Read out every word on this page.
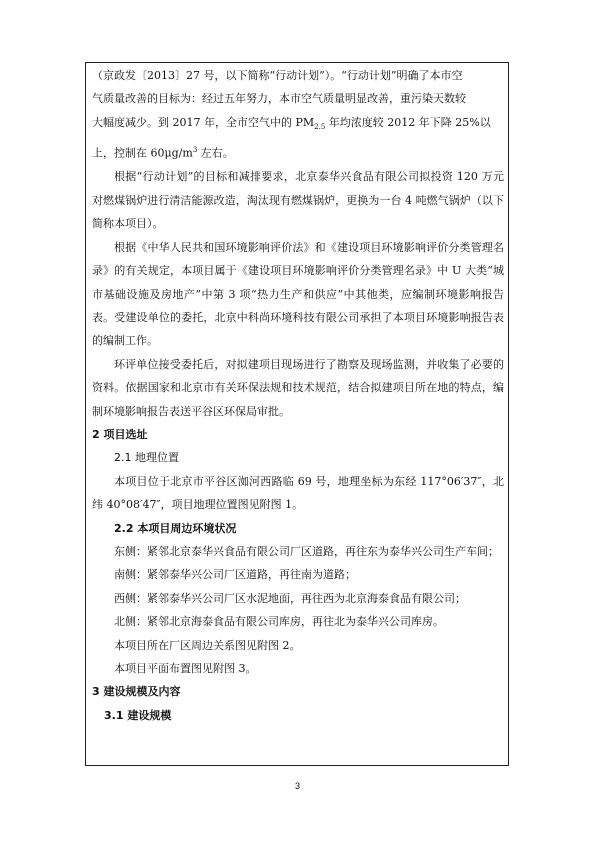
（京政发〔2013〕27 号，以下简称“行动计划”）。“行动计划”明确了本市空
气质量改善的目标为：经过五年努力，本市空气质量明显改善，重污染天数较
大幅度减少。到 2017 年，全市空气中的 $PM_{2.5}$ 年均浓度较 2012 年下降 25%以
上，控制在 $60\mu g/m^3$ 左右。

根据“行动计划”的目标和减排要求，北京泰华兴食品有限公司拟投资 120 万元对燃煤锅炉进行清洁能源改造，淘汰现有燃煤锅炉，更换为一台 4 吨燃气锅炉（以下简称本项目）。

根据《中华人民共和国环境影响评价法》和《建设项目环境影响评价分类管理名录》的有关规定，本项目属于《建设项目环境影响评价分类管理名录》中 U 大类“城市基础设施及房地产”中第 3 项“热力生产和供应”中其他类，应编制环境影响报告表。受建设单位的委托，北京中科尚环境科技有限公司承担了本项目环境影响报告表的编制工作。

环评单位接受委托后，对拟建项目现场进行了勘察及现场监测，并收集了必要的资料。依据国家和北京市有关环保法规和技术规范，结合拟建项目所在地的特点，编制环境影响报告表送平谷区环保局审批。

2 项目选址
2.1 地理位置

本项目位于北京市平谷区洳河西路临 69 号，地理坐标为东经 117°06′37″，北纬 40°08′47″，项目地理位置图见附图 1。

2.2 本项目周边环境状况

东侧：紧邻北京泰华兴食品有限公司厂区道路，再往东为泰华兴公司生产车间；

南侧：紧邻泰华兴公司厂区道路，再往南为道路；

西侧：紧邻泰华兴公司厂区水泥地面，再往西为北京海泰食品有限公司；

北侧：紧邻北京海泰食品有限公司库房，再往北为泰华兴公司库房。

本项目所在厂区周边关系图见附图 2。

本项目平面布置图见附图 3。

3 建设规模及内容
3.1 建设规模
3
